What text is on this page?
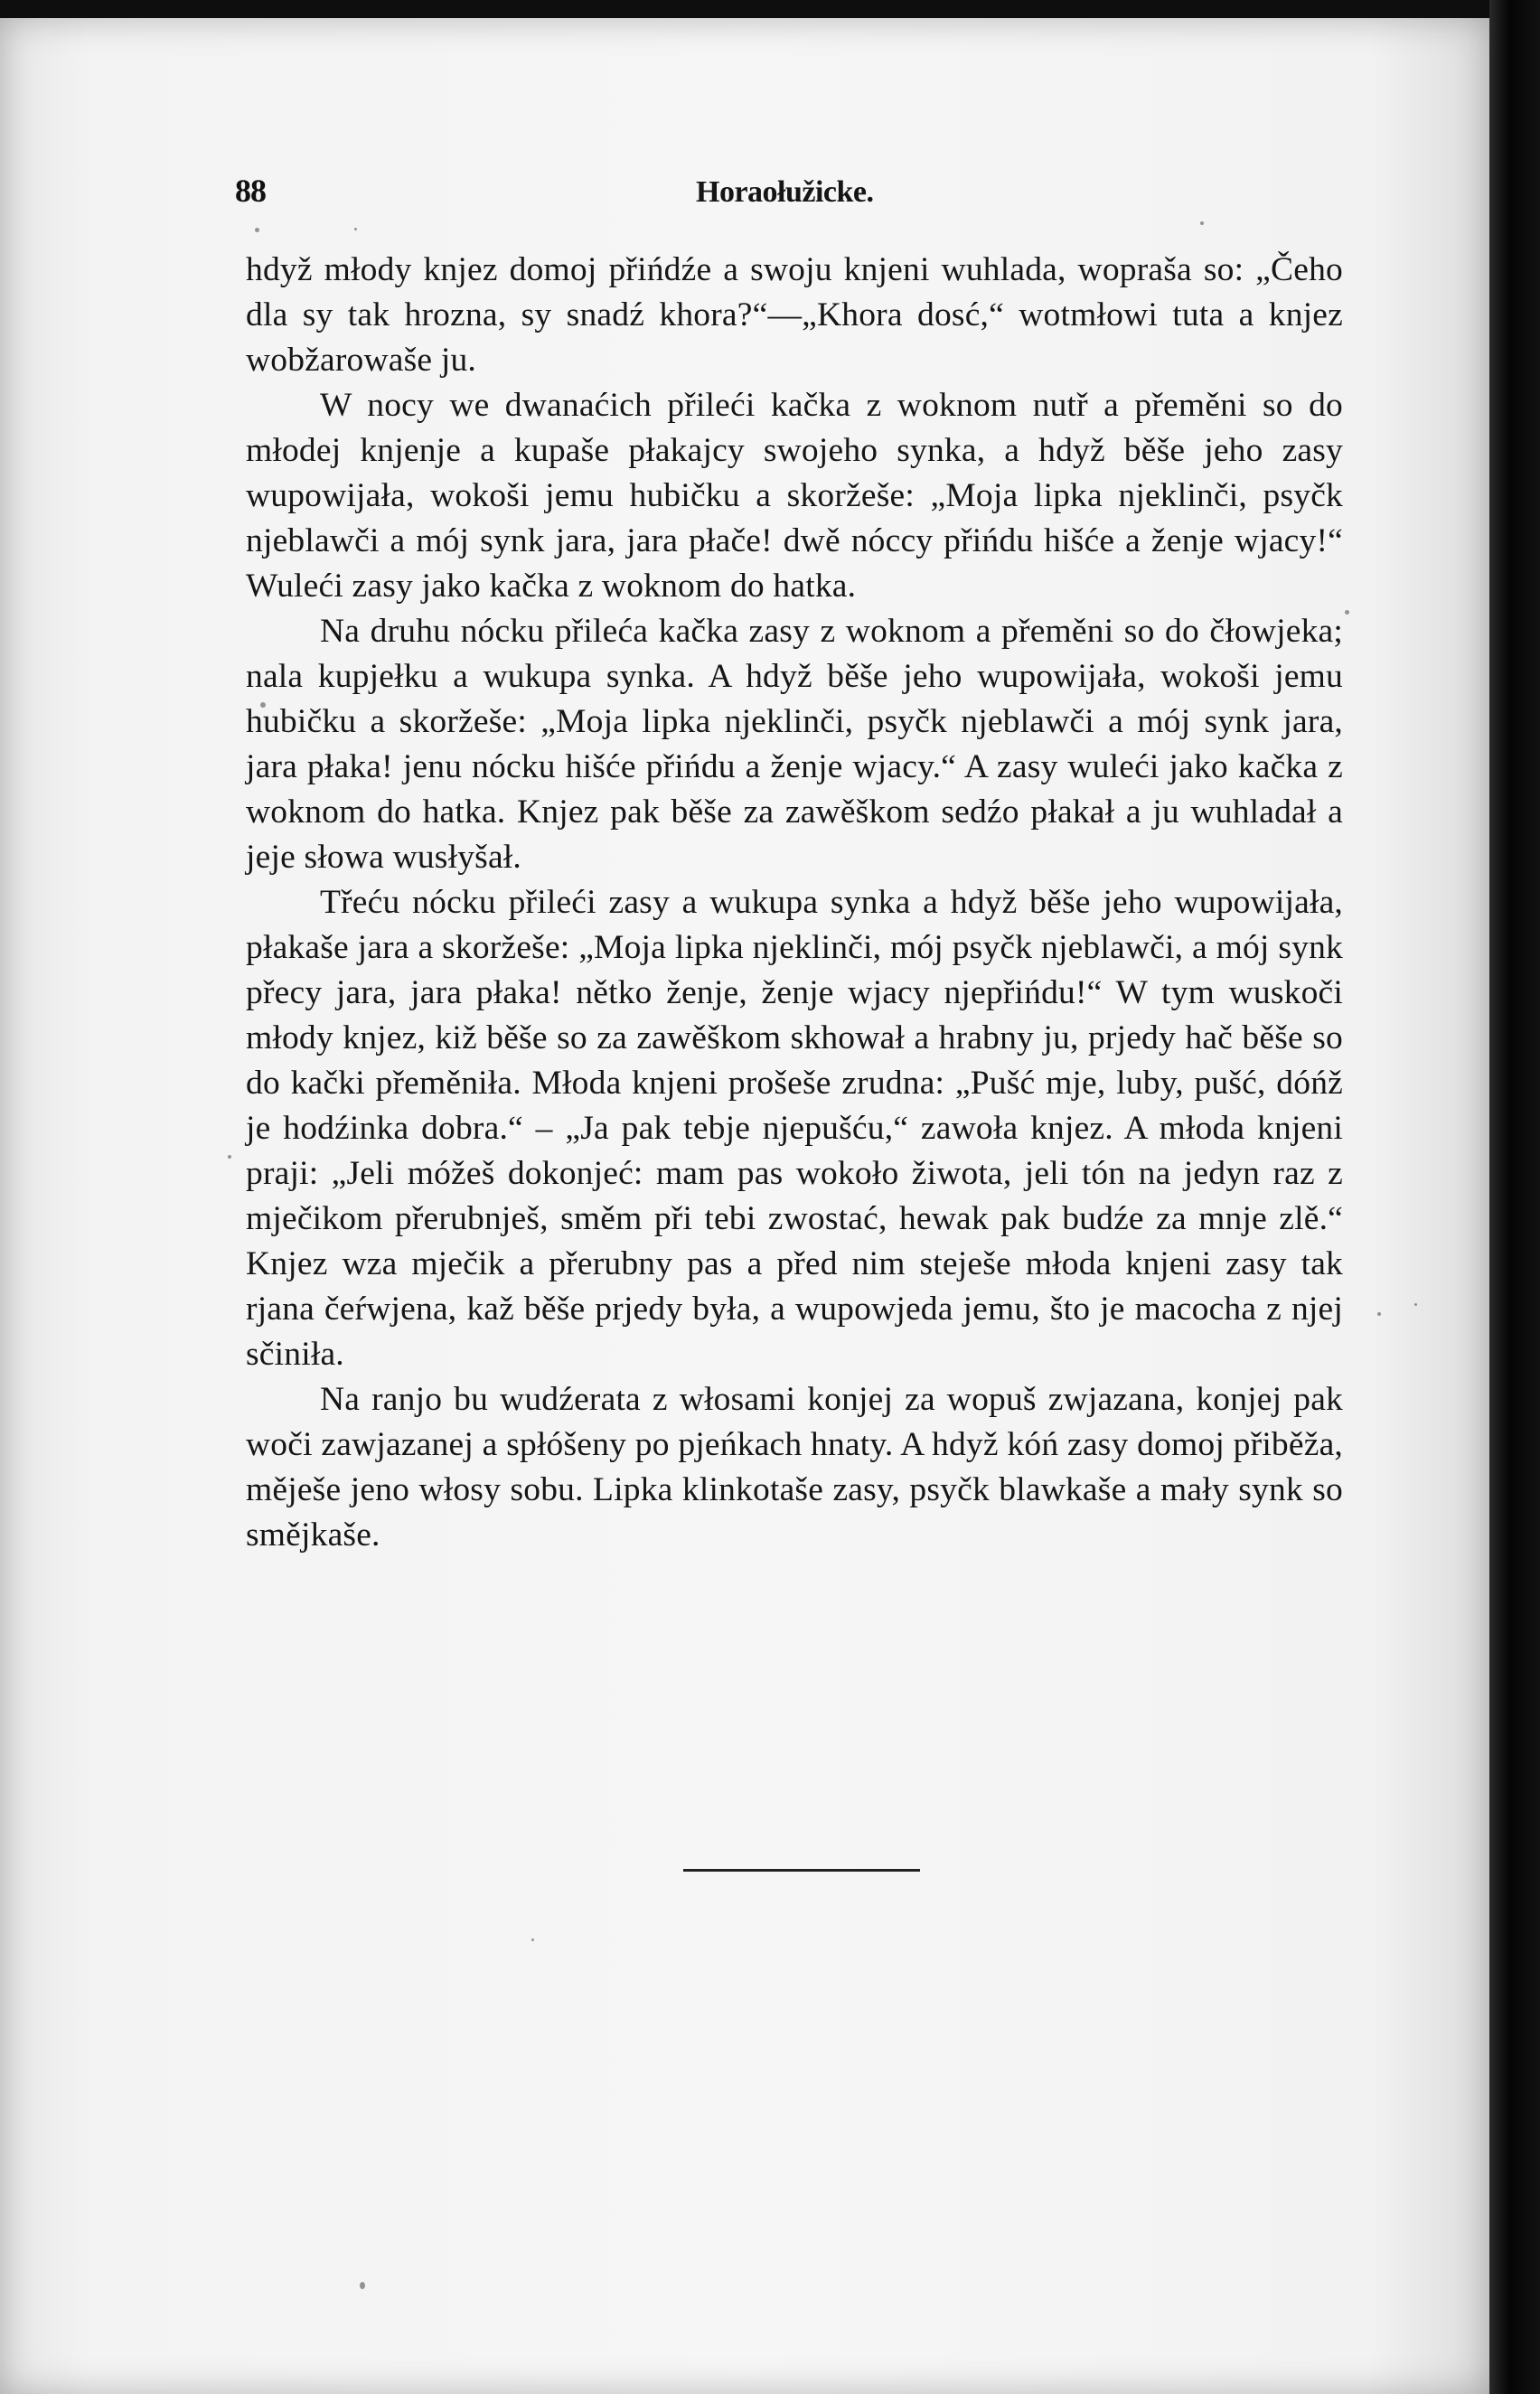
88	Horaołužicke.

hdyž młody knjez domoj přińdźe a swoju knjeni wuhlada, wopraša so: „Čeho dla sy tak hrozna, sy snadź khora?“—„Khora dosć,“ wotmłowi tuta a knjez wobžarowaše ju.

W nocy we dwanaćich přileći kačka z woknom nutř a přeměni so do młodej knjenje a kupaše płakajcy swojeho synka, a hdyž běše jeho zasy wupowijała, wokoši jemu hubičku a skoržeše: „Moja lipka njeklinči, psyčk njeblawči a mój synk jara, jara płače! dwě nóccy přińdu hišće a ženje wjacy!“ Wuleći zasy jako kačka z woknom do hatka.

Na druhu nócku přileća kačka zasy z woknom a přeměni so do čłowjeka; nala kupjełku a wukupa synka. A hdyž běše jeho wupowijała, wokoši jemu hubičku a skoržeše: „Moja lipka njeklinči, psyčk njeblawči a mój synk jara, jara płaka! jenu nócku hišće přińdu a ženje wjacy.“ A zasy wuleći jako kačka z woknom do hatka. Knjez pak běše za zawěškom sedźo płakał a ju wuhladał a jeje słowa wusłyšał.

Třeću nócku přileći zasy a wukupa synka a hdyž běše jeho wupowijała, płakaše jara a skoržeše: „Moja lipka njeklinči, mój psyčk njeblawči, a mój synk přecy jara, jara płaka! nětko ženje, ženje wjacy njepřińdu!“ W tym wuskoči młody knjez, kiž běše so za zawěškom skhował a hrabny ju, prjedy hač běše so do kački přeměniła. Młoda knjeni prošeše zrudna: „Pušć mje, luby, pušć, dóńž je hodźinka dobra.“ – „Ja pak tebje njepušću,“ zawoła knjez. A młoda knjeni praji: „Jeli móžeš dokonjeć: mam pas wokoło žiwota, jeli tón na jedyn raz z mječikom přerubnješ, směm při tebi zwostać, hewak pak budźe za mnje zlě.“ Knjez wza mječik a přerubny pas a před nim steješe młoda knjeni zasy tak rjana čeŕwjena, kaž běše prjedy była, a wupowjeda jemu, što je macocha z njej sčiniła.

Na ranjo bu wudźerata z włosami konjej za wopuš zwjazana, konjej pak woči zawjazanej a spłóšeny po pjeńkach hnaty. A hdyž kóń zasy domoj přiběža, měješe jeno włosy sobu. Lipka klinkotaše zasy, psyčk blawkaše a mały synk so směјkaše.
